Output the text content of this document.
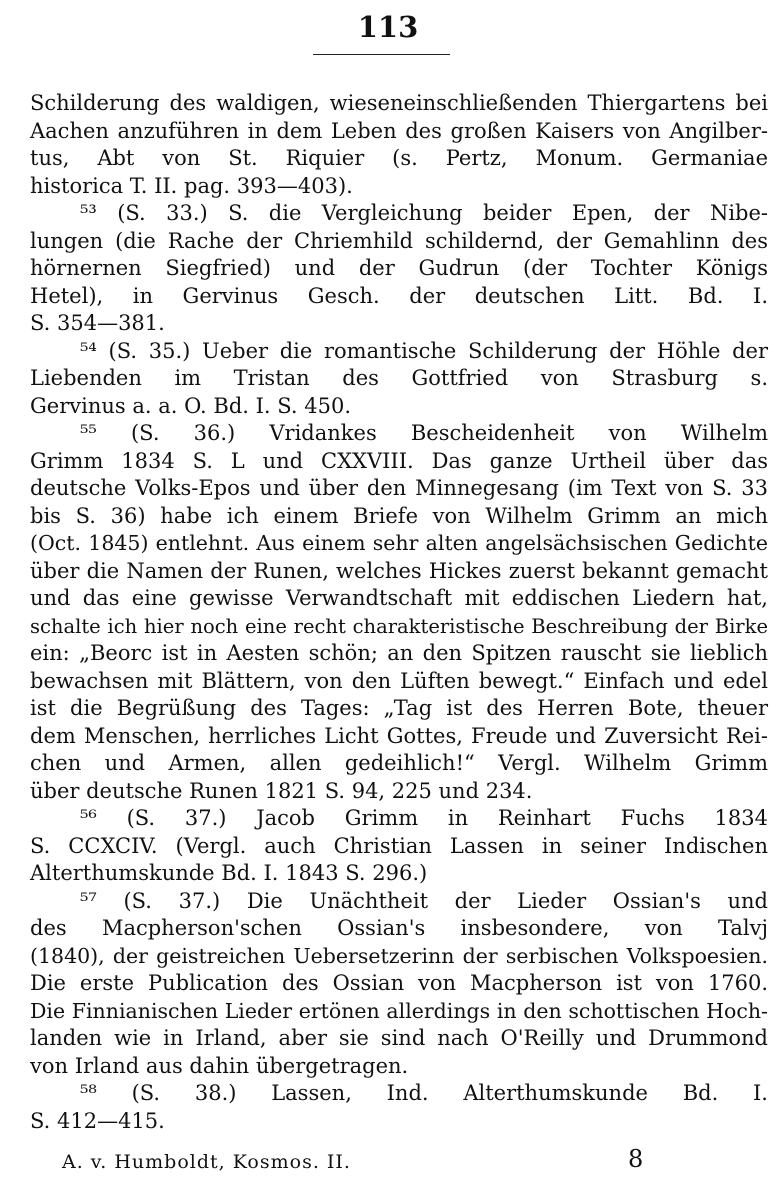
113
Schilderung des waldigen, wieseneinschließenden Thiergartens bei
Aachen anzuführen in dem Leben des großen Kaisers von Angilber-
tus, Abt von St. Riquier (s. Pertz, Monum. Germaniae
historica T. II. pag. 393—403).
⁵³ (S. 33.) S. die Vergleichung beider Epen, der Nibe-
lungen (die Rache der Chriemhild schildernd, der Gemahlinn des
hörnernen Siegfried) und der Gudrun (der Tochter Königs
Hetel), in Gervinus Gesch. der deutschen Litt. Bd. I.
S. 354—381.
⁵⁴ (S. 35.) Ueber die romantische Schilderung der Höhle der
Liebenden im Tristan des Gottfried von Strasburg s.
Gervinus a. a. O. Bd. I. S. 450.
⁵⁵ (S. 36.) Vridankes Bescheidenheit von Wilhelm
Grimm 1834 S. L und CXXVIII. Das ganze Urtheil über das
deutsche Volks-Epos und über den Minnegesang (im Text von S. 33
bis S. 36) habe ich einem Briefe von Wilhelm Grimm an mich
(Oct. 1845) entlehnt. Aus einem sehr alten angelsächsischen Gedichte
über die Namen der Runen, welches Hickes zuerst bekannt gemacht
und das eine gewisse Verwandtschaft mit eddischen Liedern hat,
schalte ich hier noch eine recht charakteristische Beschreibung der Birke
ein: „Beorc ist in Aesten schön; an den Spitzen rauscht sie lieblich
bewachsen mit Blättern, von den Lüften bewegt.“ Einfach und edel
ist die Begrüßung des Tages: „Tag ist des Herren Bote, theuer
dem Menschen, herrliches Licht Gottes, Freude und Zuversicht Rei-
chen und Armen, allen gedeihlich!“ Vergl. Wilhelm Grimm
über deutsche Runen 1821 S. 94, 225 und 234.
⁵⁶ (S. 37.) Jacob Grimm in Reinhart Fuchs 1834
S. CCXCIV. (Vergl. auch Christian Lassen in seiner Indischen
Alterthumskunde Bd. I. 1843 S. 296.)
⁵⁷ (S. 37.) Die Unächtheit der Lieder Ossian's und
des Macpherson'schen Ossian's insbesondere, von Talvj
(1840), der geistreichen Uebersetzerinn der serbischen Volkspoesien.
Die erste Publication des Ossian von Macpherson ist von 1760.
Die Finnianischen Lieder ertönen allerdings in den schottischen Hoch-
landen wie in Irland, aber sie sind nach O'Reilly und Drummond
von Irland aus dahin übergetragen.
⁵⁸ (S. 38.) Lassen, Ind. Alterthumskunde Bd. I.
S. 412—415.
A. v. Humboldt, Kosmos. II.	8
